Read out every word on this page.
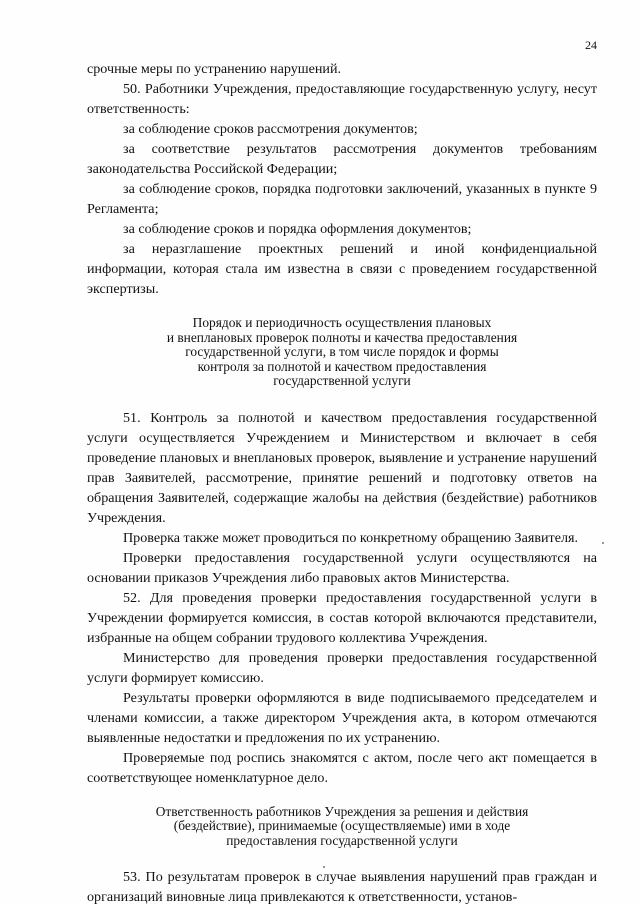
24

срочные меры по устранению нарушений.

50. Работники Учреждения, предоставляющие государственную услугу, несут ответственность:

за соблюдение сроков рассмотрения документов;

за соответствие результатов рассмотрения документов требованиям законодательства Российской Федерации;

за соблюдение сроков, порядка подготовки заключений, указанных в пункте 9 Регламента;

за соблюдение сроков и порядка оформления документов;

за неразглашение проектных решений и иной конфиденциальной информации, которая стала им известна в связи с проведением государственной экспертизы.

Порядок и периодичность осуществления плановых
и внеплановых проверок полноты и качества предоставления
государственной услуги, в том числе порядок и формы
контроля за полнотой и качеством предоставления
государственной услуги

51. Контроль за полнотой и качеством предоставления государственной услуги осуществляется Учреждением и Министерством и включает в себя проведение плановых и внеплановых проверок, выявление и устранение нарушений прав Заявителей, рассмотрение, принятие решений и подготовку ответов на обращения Заявителей, содержащие жалобы на действия (бездействие) работников Учреждения.

Проверка также может проводиться по конкретному обращению Заявителя.

Проверки предоставления государственной услуги осуществляются на основании приказов Учреждения либо правовых актов Министерства.

52. Для проведения проверки предоставления государственной услуги в Учреждении формируется комиссия, в состав которой включаются представители, избранные на общем собрании трудового коллектива Учреждения.

Министерство для проведения проверки предоставления государственной услуги формирует комиссию.

Результаты проверки оформляются в виде подписываемого председателем и членами комиссии, а также директором Учреждения акта, в котором отмечаются выявленные недостатки и предложения по их устранению.

Проверяемые под роспись знакомятся с актом, после чего акт помещается в соответствующее номенклатурное дело.

Ответственность работников Учреждения за решения и действия
(бездействие), принимаемые (осуществляемые) ими в ходе
предоставления государственной услуги

53. По результатам проверок в случае выявления нарушений прав граждан и организаций виновные лица привлекаются к ответственности, установ-
